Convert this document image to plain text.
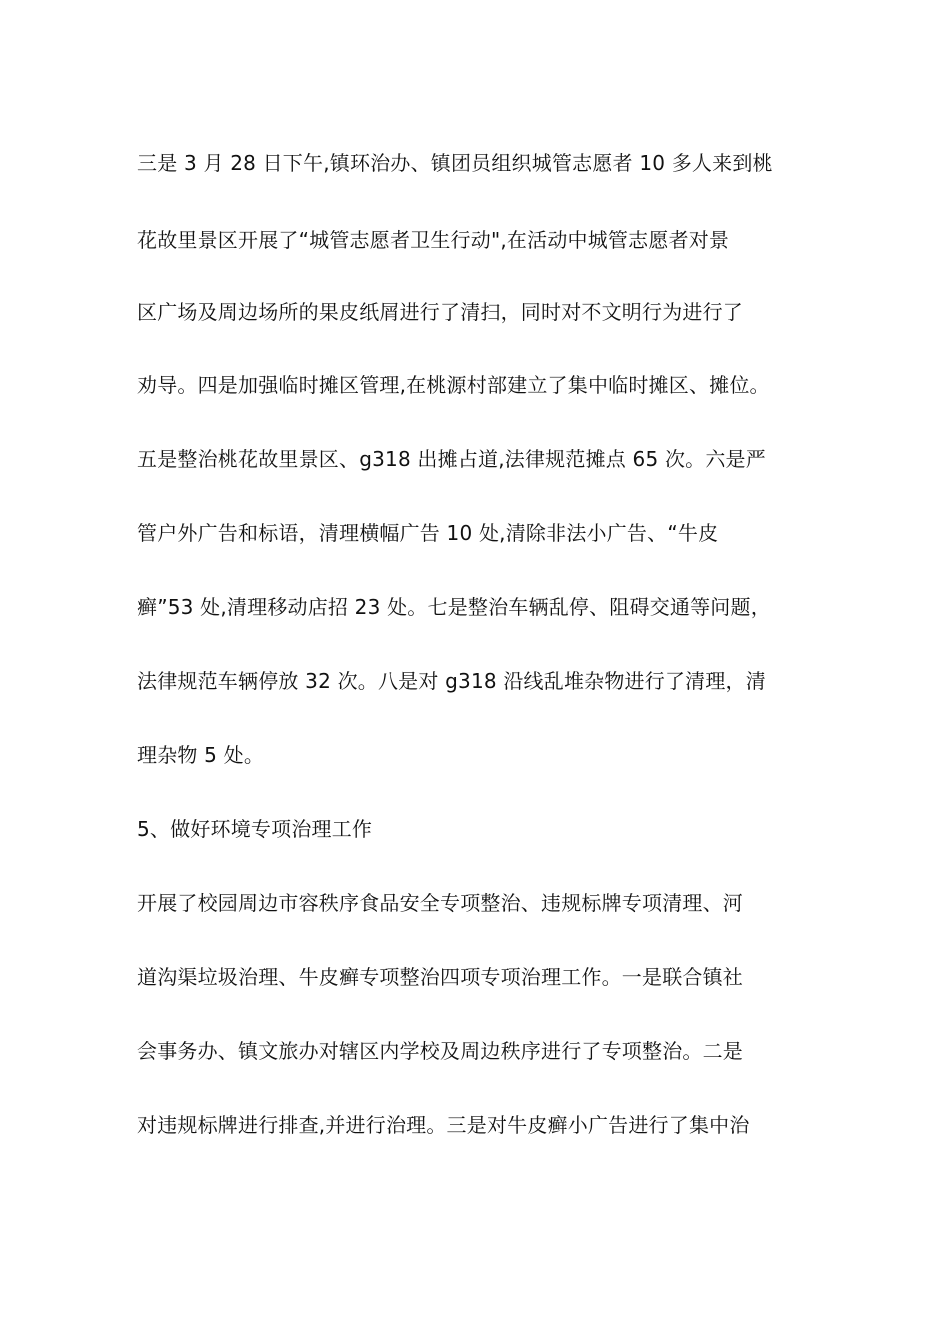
三是 3 月 28 日下午,镇环治办、镇团员组织城管志愿者 10 多人来到桃
花故里景区开展了“城管志愿者卫生行动",在活动中城管志愿者对景
区广场及周边场所的果皮纸屑进行了清扫，同时对不文明行为进行了
劝导。四是加强临时摊区管理,在桃源村部建立了集中临时摊区、摊位。
五是整治桃花故里景区、g318 出摊占道,法律规范摊点 65 次。六是严
管户外广告和标语，清理横幅广告 10 处,清除非法小广告、“牛皮
癣”53 处,清理移动店招 23 处。七是整治车辆乱停、阻碍交通等问题，
法律规范车辆停放 32 次。八是对 g318 沿线乱堆杂物进行了清理，清
理杂物 5 处。
5、做好环境专项治理工作
开展了校园周边市容秩序食品安全专项整治、违规标牌专项清理、河
道沟渠垃圾治理、牛皮癣专项整治四项专项治理工作。一是联合镇社
会事务办、镇文旅办对辖区内学校及周边秩序进行了专项整治。二是
对违规标牌进行排查,并进行治理。三是对牛皮癣小广告进行了集中治
